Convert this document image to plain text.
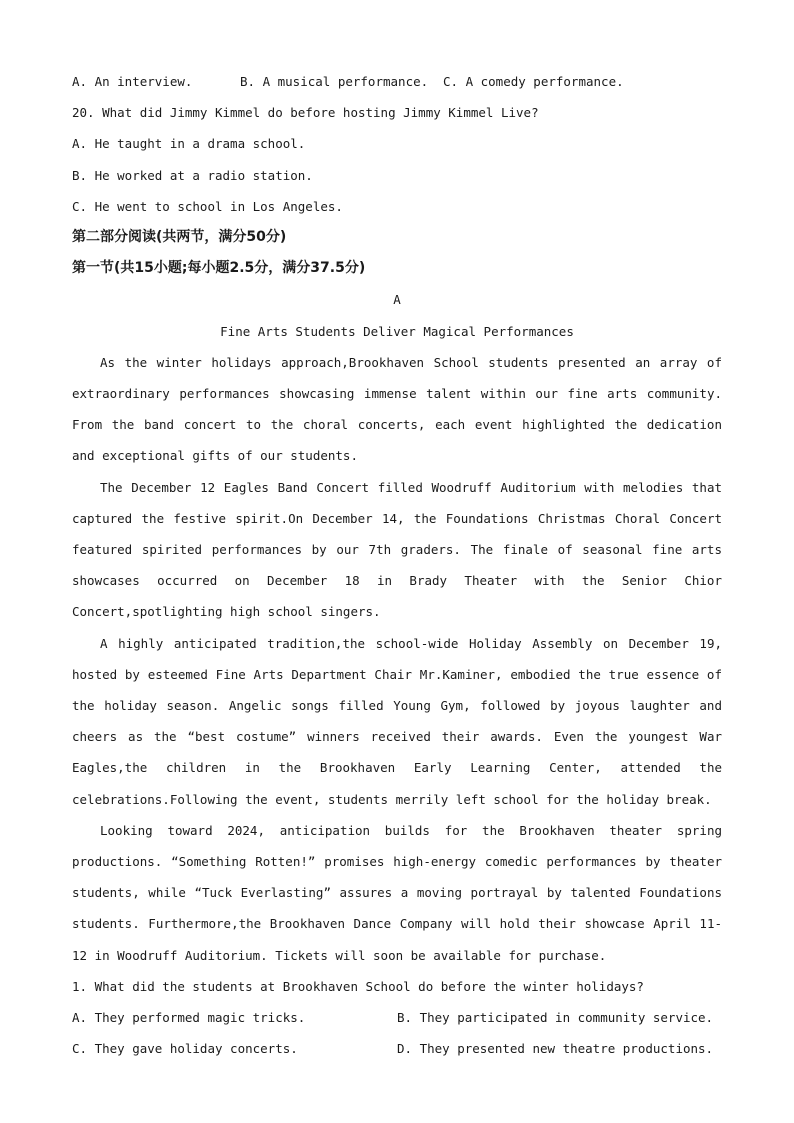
A. An interview.	B. A musical performance.	C. A comedy performance.
20. What did Jimmy Kimmel do before hosting Jimmy Kimmel Live?
A. He taught in a drama school.
B. He worked at a radio station.
C. He went to school in Los Angeles.
第二部分阅读(共两节，满分50分)
第一节(共15小题;每小题2.5分，满分37.5分)
A
Fine Arts Students Deliver Magical Performances

As the winter holidays approach,Brookhaven School students presented an array of extraordinary performances showcasing immense talent within our fine arts community. From the band concert to the choral concerts, each event highlighted the dedication and exceptional gifts of our students.

The December 12 Eagles Band Concert filled Woodruff Auditorium with melodies that captured the festive spirit.On December 14, the Foundations Christmas Choral Concert featured spirited performances by our 7th graders. The finale of seasonal fine arts showcases occurred on December 18 in Brady Theater with the Senior Chior Concert,spotlighting high school singers.

A highly anticipated tradition,the school-wide Holiday Assembly on December 19, hosted by esteemed Fine Arts Department Chair Mr.Kaminer, embodied the true essence of the holiday season. Angelic songs filled Young Gym, followed by joyous laughter and cheers as the “best costume” winners received their awards. Even the youngest War Eagles,the children in the Brookhaven Early Learning Center, attended the celebrations.Following the event, students merrily left school for the holiday break.

Looking toward 2024, anticipation builds for the Brookhaven theater spring productions. “Something Rotten!” promises high-energy comedic performances by theater students, while “Tuck Everlasting” assures a moving portrayal by talented Foundations students. Furthermore,the Brookhaven Dance Company will hold their showcase April 11-12 in Woodruff Auditorium. Tickets will soon be available for purchase.

1. What did the students at Brookhaven School do before the winter holidays?
A. They performed magic tricks.	B. They participated in community service.
C. They gave holiday concerts.	D. They presented new theatre productions.
